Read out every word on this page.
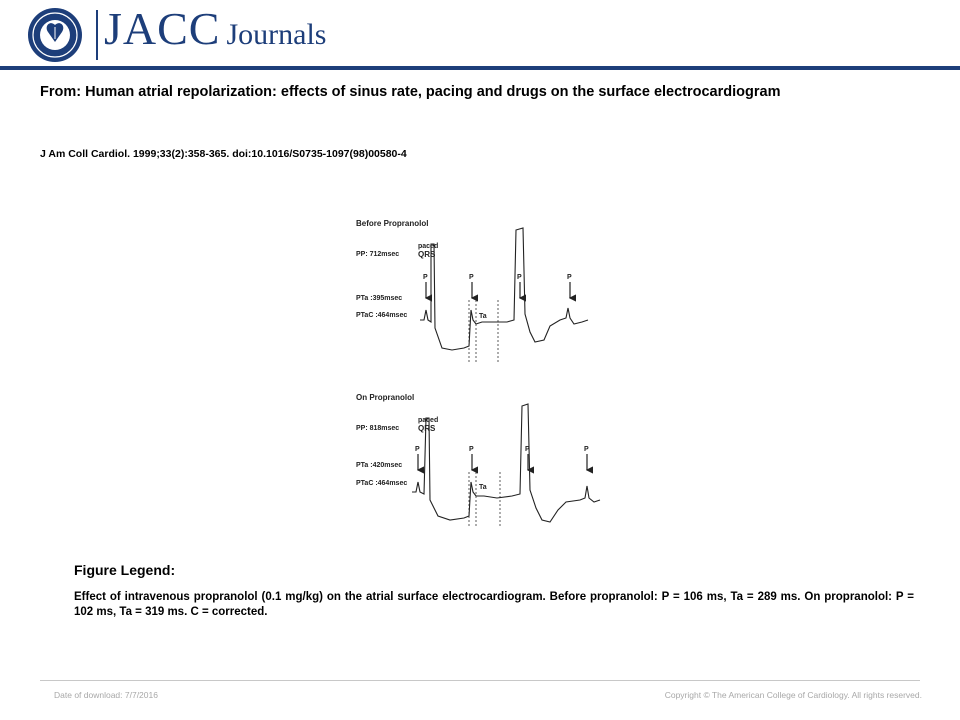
JACC Journals
From: Human atrial repolarization: effects of sinus rate, pacing and drugs on the surface electrocardiogram
J Am Coll Cardiol. 1999;33(2):358-365. doi:10.1016/S0735-1097(98)00580-4
Before Propranolol
PP: 712msec
PTa :395msec
PTaC :464msec
paced
QRS
P	P	P	P
Ta
On Propranolol
PP: 818msec
PTa :420msec
PTaC :464msec
paced
QRS
P	P	P	P
Ta
Figure Legend:
Effect of intravenous propranolol (0.1 mg/kg) on the atrial surface electrocardiogram. Before propranolol: P = 106 ms, Ta = 289 ms. On propranolol: P = 102 ms, Ta = 319 ms. C = corrected.
Date of download: 7/7/2016	Copyright © The American College of Cardiology. All rights reserved.
